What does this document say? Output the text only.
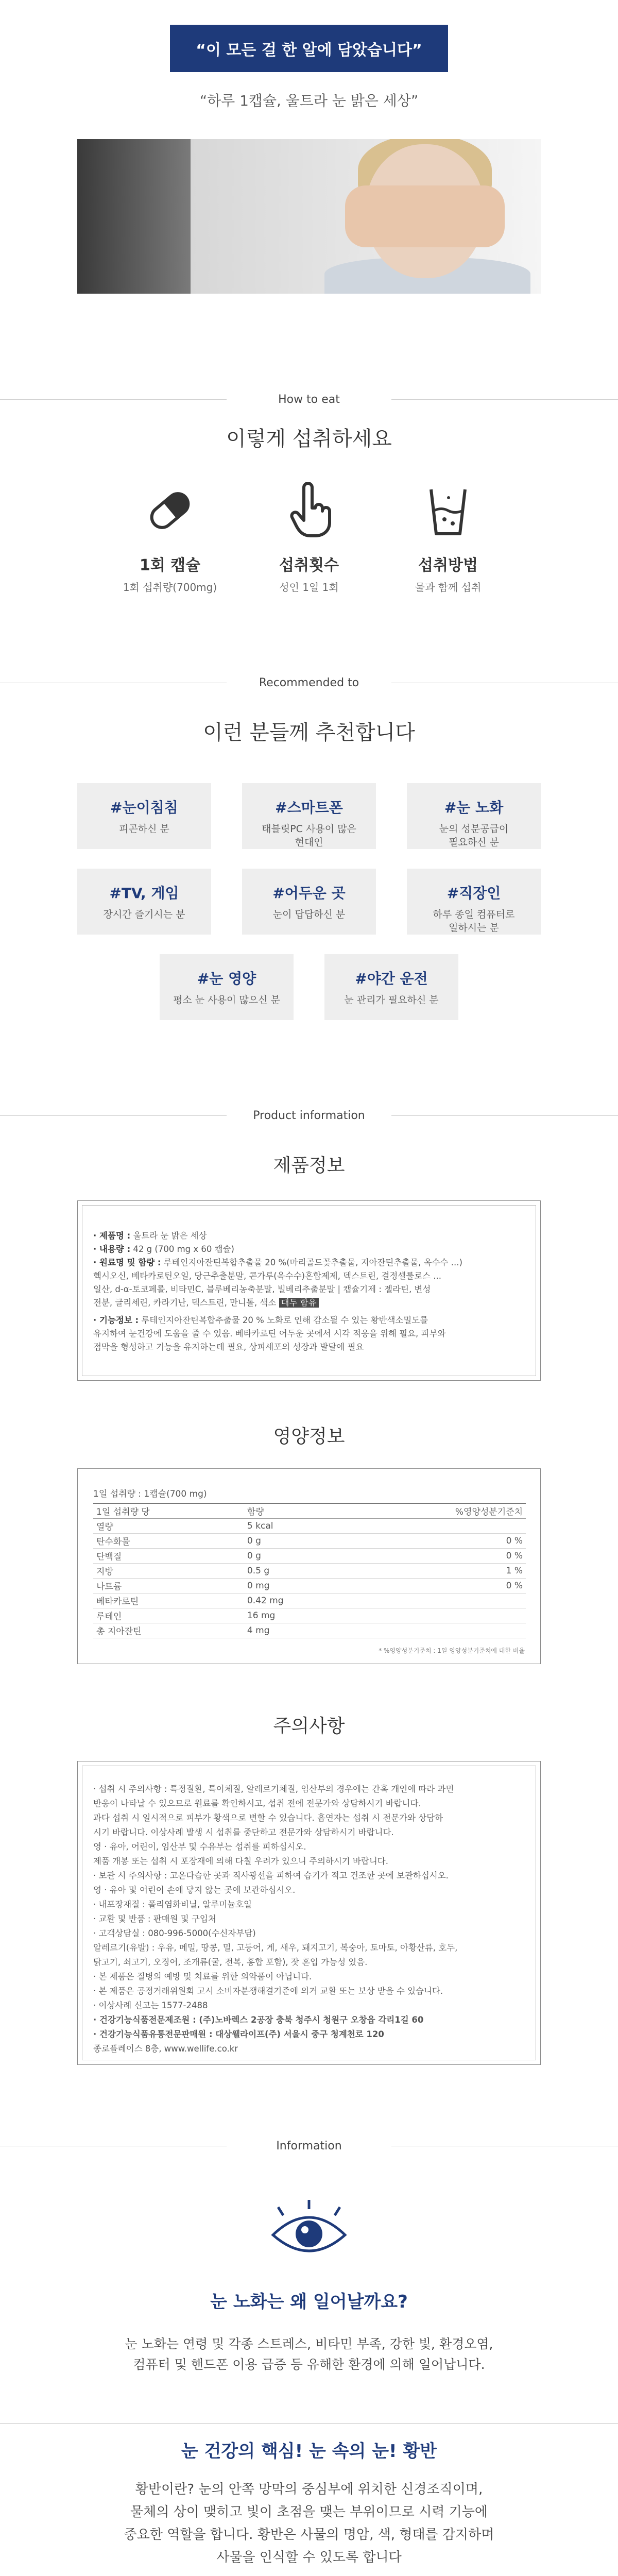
“이 모든 걸 한 알에 담았습니다”
“하루 1캡슐, 울트라 눈 밝은 세상”
How to eat
이렇게 섭취하세요
1회 캡슐
1회 섭취량(700mg)
섭취횟수
성인 1일 1회
섭취방법
물과 함께 섭취
Recommended to
이런 분들께 추천합니다
#눈이침침
피곤하신 분
#스마트폰
태블릿PC 사용이 많은
현대인
#눈 노화
눈의 성분공급이
필요하신 분
#TV, 게임
장시간 즐기시는 분
#어두운 곳
눈이 답답하신 분
#직장인
하루 종일 컴퓨터로
일하시는 분
#눈 영양
평소 눈 사용이 많으신 분
#야간 운전
눈 관리가 필요하신 분
Product information
제품정보
· 제품명 : 울트라 눈 밝은 세상
· 내용량 : 42 g (700 mg x 60 캡슐)
· 원료명 및 함량 : 루테인지아잔틴복합추출물 20 %(마리골드꽃추출물, 지아잔틴추출물, 옥수수 ...)
헥시오신, 베타카로틴오일, 당근추출분말, 콘가루(옥수수)혼합제제, 덱스트린, 결정셀룰로스 ...
일산, d-α-토코페롤, 비타민C, 블루베리농축분말, 빌베리추출분말 | 캡슐기제 : 젤라틴, 변성
전분, 글리세린, 카라기난, 덱스트린, 만니톨, 색소 대두 함유
· 기능정보 : 루테인지아잔틴복합추출물 20 % 노화로 인해 감소될 수 있는 황반색소밀도를
유지하여 눈건강에 도움을 줄 수 있음. 베타카로틴 어두운 곳에서 시각 적응을 위해 필요, 피부와
점막을 형성하고 기능을 유지하는데 필요, 상피세포의 성장과 발달에 필요
영양정보
1일 섭취량 : 1캡슐(700 mg)
1일 섭취량 당	함량	%영양성분기준치
열량	5 kcal	
탄수화물	0 g	0 %
단백질	0 g	0 %
지방	0.5 g	1 %
나트륨	0 mg	0 %
베타카로틴	0.42 mg	
루테인	16 mg	
총 지아잔틴	4 mg	
* %영양성분기준치 : 1일 영양성분기준치에 대한 비율
주의사항
· 섭취 시 주의사항 : 특정질환, 특이체질, 알레르기체질, 임산부의 경우에는 간혹 개인에 따라 과민
반응이 나타날 수 있으므로 원료를 확인하시고, 섭취 전에 전문가와 상담하시기 바랍니다.
과다 섭취 시 일시적으로 피부가 황색으로 변할 수 있습니다. 흡연자는 섭취 시 전문가와 상담하
시기 바랍니다. 이상사례 발생 시 섭취를 중단하고 전문가와 상담하시기 바랍니다.
영 · 유아, 어린이, 임산부 및 수유부는 섭취를 피하십시오.
제품 개봉 또는 섭취 시 포장재에 의해 다칠 우려가 있으니 주의하시기 바랍니다.
· 보관 시 주의사항 : 고온다습한 곳과 직사광선을 피하여 습기가 적고 건조한 곳에 보관하십시오.
영 · 유아 및 어린이 손에 닿지 않는 곳에 보관하십시오.
· 내포장재질 : 폴리염화비닐, 알루미늄호일
· 교환 및 반품 : 판매원 및 구입처
· 고객상담실 : 080-996-5000(수신자부담)
알레르기(유발) : 우유, 메밀, 땅콩, 밀, 고등어, 게, 새우, 돼지고기, 복숭아, 토마토, 아황산류, 호두,
닭고기, 쇠고기, 오징어, 조개류(굴, 전복, 홍합 포함), 잣 혼입 가능성 있음.
· 본 제품은 질병의 예방 및 치료를 위한 의약품이 아닙니다.
· 본 제품은 공정거래위원회 고시 소비자분쟁해결기준에 의거 교환 또는 보상 받을 수 있습니다.
· 이상사례 신고는 1577-2488
· 건강기능식품전문제조원 : (주)노바렉스 2공장 충북 청주시 청원구 오창읍 각리1길 60
· 건강기능식품유통전문판매원 : 대상웰라이프(주) 서울시 중구 청계천로 120
종로플레이스 8층, www.wellife.co.kr
Information
눈 노화는 왜 일어날까요?
눈 노화는 연령 및 각종 스트레스, 비타민 부족, 강한 빛, 환경오염,
컴퓨터 및 핸드폰 이용 급증 등 유해한 환경에 의해 일어납니다.
눈 건강의 핵심! 눈 속의 눈! 황반
황반이란? 눈의 안쪽 망막의 중심부에 위치한 신경조직이며,
물체의 상이 맺히고 빛이 초점을 맺는 부위이므로 시력 기능에
중요한 역할을 합니다. 황반은 사물의 명암, 색, 형태를 감지하며
사물을 인식할 수 있도록 합니다
